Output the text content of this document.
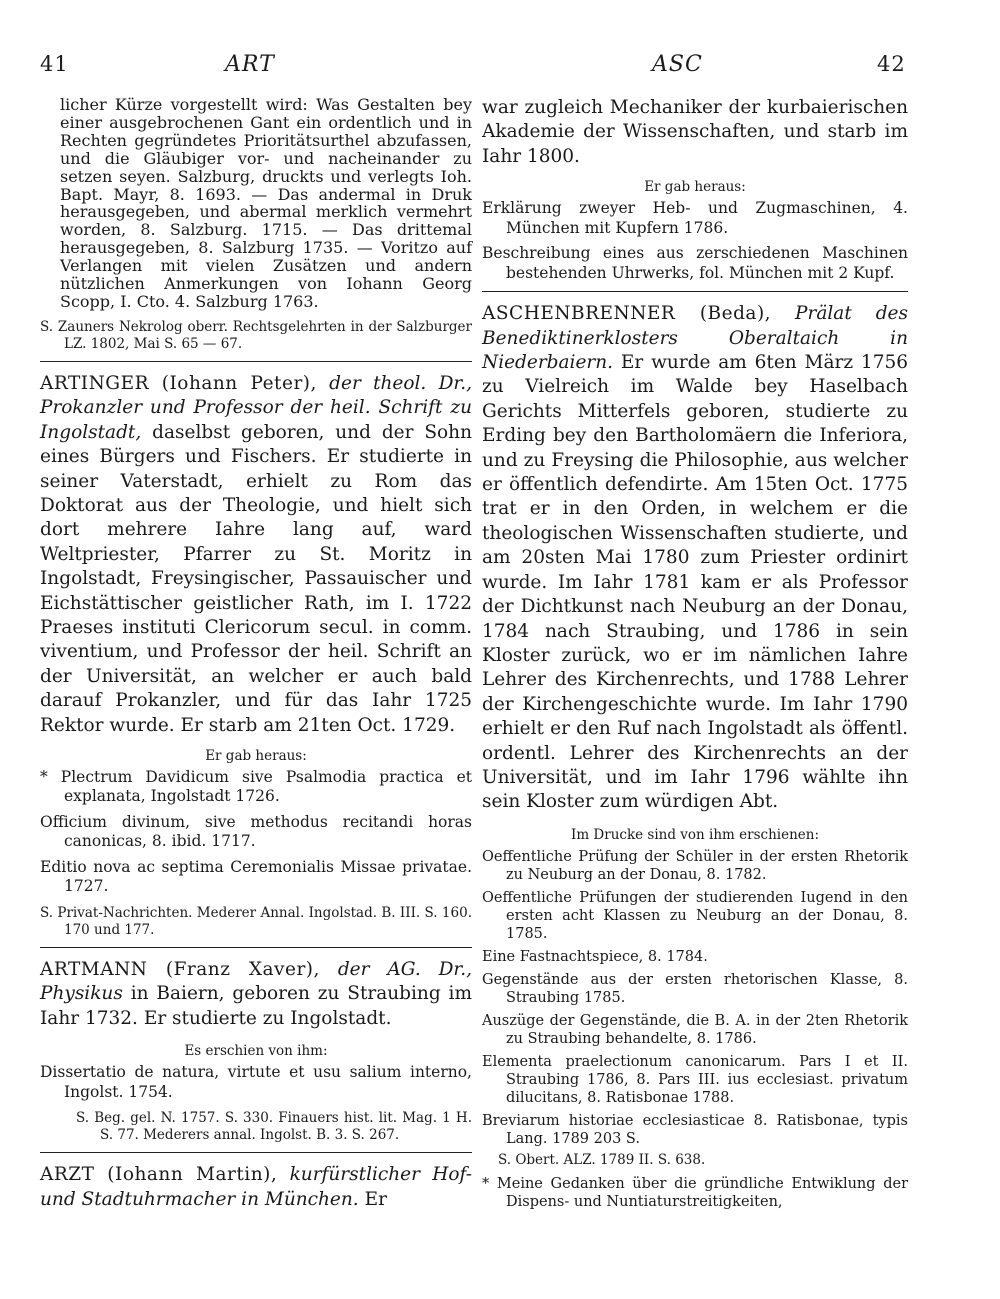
41	ART	ASC	42

licher Kürze vorgestellt wird: Was Gestalten bey einer ausgebrochenen Gant ein ordentlich und in Rechten gegründetes Prioritätsurthel abzufassen, und die Gläubiger vor- und nacheinander zu setzen seyen. Salzburg, druckts und verlegts Ioh. Bapt. Mayr, 8. 1693. — Das andermal in Druk herausgegeben, und abermal merklich vermehrt worden, 8. Salzburg. 1715. — Das drittemal herausgegeben, 8. Salzburg 1735. — Voritzo auf Verlangen mit vielen Zusätzen und andern nützlichen Anmerkungen von Iohann Georg Scopp, I. Cto. 4. Salzburg 1763.

S. Zauners Nekrolog oberr. Rechtsgelehrten in der Salzburger LZ. 1802, Mai S. 65 — 67.

ARTINGER (Iohann Peter), der theol. Dr., Prokanzler und Professor der heil. Schrift zu Ingolstadt, daselbst geboren, und der Sohn eines Bürgers und Fischers. Er studierte in seiner Vaterstadt, erhielt zu Rom das Doktorat aus der Theologie, und hielt sich dort mehrere Iahre lang auf, ward Weltpriester, Pfarrer zu St. Moritz in Ingolstadt, Freysingischer, Passauischer und Eichstättischer geistlicher Rath, im I. 1722 Praeses instituti Clericorum secul. in comm. viventium, und Professor der heil. Schrift an der Universität, an welcher er auch bald darauf Prokanzler, und für das Iahr 1725 Rektor wurde. Er starb am 21ten Oct. 1729.

Er gab heraus:

* Plectrum Davidicum sive Psalmodia practica et explanata, Ingolstadt 1726.

Officium divinum, sive methodus recitandi horas canonicas, 8. ibid. 1717.

Editio nova ac septima Ceremonialis Missae privatae. 1727.

S. Privat-Nachrichten. Mederer Annal. Ingolstad. B. III. S. 160. 170 und 177.

ARTMANN (Franz Xaver), der AG. Dr., Physikus in Baiern, geboren zu Straubing im Iahr 1732. Er studierte zu Ingolstadt.

Es erschien von ihm:

Dissertatio de natura, virtute et usu salium interno, Ingolst. 1754.

S. Beg. gel. N. 1757. S. 330. Finauers hist. lit. Mag. 1 H. S. 77. Mederers annal. Ingolst. B. 3. S. 267.

ARZT (Iohann Martin), kurfürstlicher Hof- und Stadtuhrmacher in München. Er

war zugleich Mechaniker der kurbaierischen Akademie der Wissenschaften, und starb im Iahr 1800.

Er gab heraus:

Erklärung zweyer Heb- und Zugmaschinen, 4. München mit Kupfern 1786.

Beschreibung eines aus zerschiedenen Maschinen bestehenden Uhrwerks, fol. München mit 2 Kupf.

ASCHENBRENNER (Beda), Prälat des Benediktinerklosters Oberaltaich in Niederbaiern. Er wurde am 6ten März 1756 zu Vielreich im Walde bey Haselbach Gerichts Mitterfels geboren, studierte zu Erding bey den Bartholomäern die Inferiora, und zu Freysing die Philosophie, aus welcher er öffentlich defendirte. Am 15ten Oct. 1775 trat er in den Orden, in welchem er die theologischen Wissenschaften studierte, und am 20sten Mai 1780 zum Priester ordinirt wurde. Im Iahr 1781 kam er als Professor der Dichtkunst nach Neuburg an der Donau, 1784 nach Straubing, und 1786 in sein Kloster zurück, wo er im nämlichen Iahre Lehrer des Kirchenrechts, und 1788 Lehrer der Kirchengeschichte wurde. Im Iahr 1790 erhielt er den Ruf nach Ingolstadt als öffentl. ordentl. Lehrer des Kirchenrechts an der Universität, und im Iahr 1796 wählte ihn sein Kloster zum würdigen Abt.

Im Drucke sind von ihm erschienen:

Oeffentliche Prüfung der Schüler in der ersten Rhetorik zu Neuburg an der Donau, 8. 1782.

Oeffentliche Prüfungen der studierenden Iugend in den ersten acht Klassen zu Neuburg an der Donau, 8. 1785.

Eine Fastnachtspiece, 8. 1784.

Gegenstände aus der ersten rhetorischen Klasse, 8. Straubing 1785.

Auszüge der Gegenstände, die B. A. in der 2ten Rhetorik zu Straubing behandelte, 8. 1786.

Elementa praelectionum canonicarum. Pars I et II. Straubing 1786, 8. Pars III. ius ecclesiast. privatum dilucitans, 8. Ratisbonae 1788.

Breviarum historiae ecclesiasticae 8. Ratisbonae, typis Lang. 1789 203 S.

S. Obert. ALZ. 1789 II. S. 638.

* Meine Gedanken über die gründliche Entwiklung der Dispens- und Nuntiaturstreitigkeiten,
